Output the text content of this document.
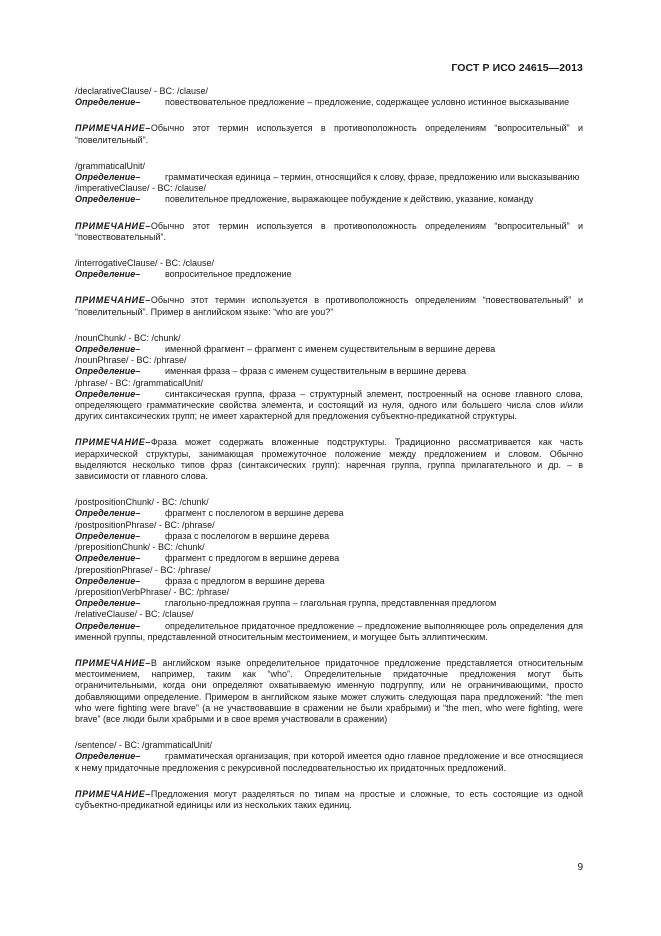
ГОСТ Р ИСО 24615—2013
/declarativeClause/ - BC: /clause/
Определение–	повествовательное предложение – предложение, содержащее условно истинное высказывание
ПРИМЕЧАНИЕ–Обычно этот термин используется в противоположность определениям “вопросительный” и “повелительный”.
/grammaticalUnit/
Определение–	грамматическая единица – термин, относящийся к слову, фразе, предложению или высказыванию
/imperativeClause/ - BC: /clause/
Определение–	повелительное предложение, выражающее побуждение к действию, указание, команду
ПРИМЕЧАНИЕ–Обычно этот термин используется в противоположность определениям “вопросительный” и “повествовательный”.
/interrogativeClause/ - BC: /clause/
Определение–	вопросительное предложение
ПРИМЕЧАНИЕ–Обычно этот термин используется в противоположность определениям “повествовательный” и “повелительный”. Пример в английском языке: “who are you?”
/nounChunk/ - BC: /chunk/
Определение–	именной фрагмент – фрагмент с именем существительным в вершине дерева
/nounPhrase/ - BC: /phrase/
Определение–	именная фраза – фраза с именем существительным в вершине дерева
/phrase/ - BC: /grammaticalUnit/
Определение–	синтаксическая группа, фраза – структурный элемент, построенный на основе главного слова, определяющего грамматические свойства элемента, и состоящий из нуля, одного или большего числа слов и/или других синтаксических групп; не имеет характерной для предложения субъектно-предикатной структуры.
ПРИМЕЧАНИЕ–Фраза может содержать вложенные подструктуры. Традиционно рассматривается как часть иерархической структуры, занимающая промежуточное положение между предложением и словом. Обычно выделяются несколько типов фраз (синтаксических групп): наречная группа, группа прилагательного и др. – в зависимости от главного слова.
/postpositionChunk/ - BC: /chunk/
Определение–	фрагмент с послелогом в вершине дерева
/postpositionPhrase/ - BC: /phrase/
Определение–	фраза с послелогом в вершине дерева
/prepositionChunk/ - BC: /chunk/
Определение–	фрагмент с предлогом в вершине дерева
/prepositionPhrase/ - BC: /phrase/
Определение–	фраза с предлогом в вершине дерева
/prepositionVerbPhrase/ - BC: /phrase/
Определение–	глагольно-предложная группа – глагольная группа, представленная предлогом
/relativeClause/ - BC: /clause/
Определение–	определительное придаточное предложение – предложение выполняющее роль определения для именной группы, представленной относительным местоимением, и могущее быть эллиптическим.
ПРИМЕЧАНИЕ–В английском языке определительное придаточное предложение представляется относительным местоимением, например, таким как “who”. Определительные придаточные предложения могут быть ограничительными, когда они определяют охватываемую именную подгруппу, или не ограничивающими, просто добавляющими определение. Примером в английском языке может служить следующая пара предложений: “the men who were fighting were brave” (а не участвовавшие в сражении не были храбрыми) и “the men, who were fighting, were brave” (все люди были храбрыми и в свое время участвовали в сражении)
/sentence/ - BC: /grammaticalUnit/
Определение–	грамматическая организация, при которой имеется одно главное предложение и все относящиеся к нему придаточные предложения с рекурсивной последовательностью их придаточных предложений.
ПРИМЕЧАНИЕ–Предложения могут разделяться по типам на простые и сложные, то есть состоящие из одной субъектно-предикатной единицы или из нескольких таких единиц.
9
